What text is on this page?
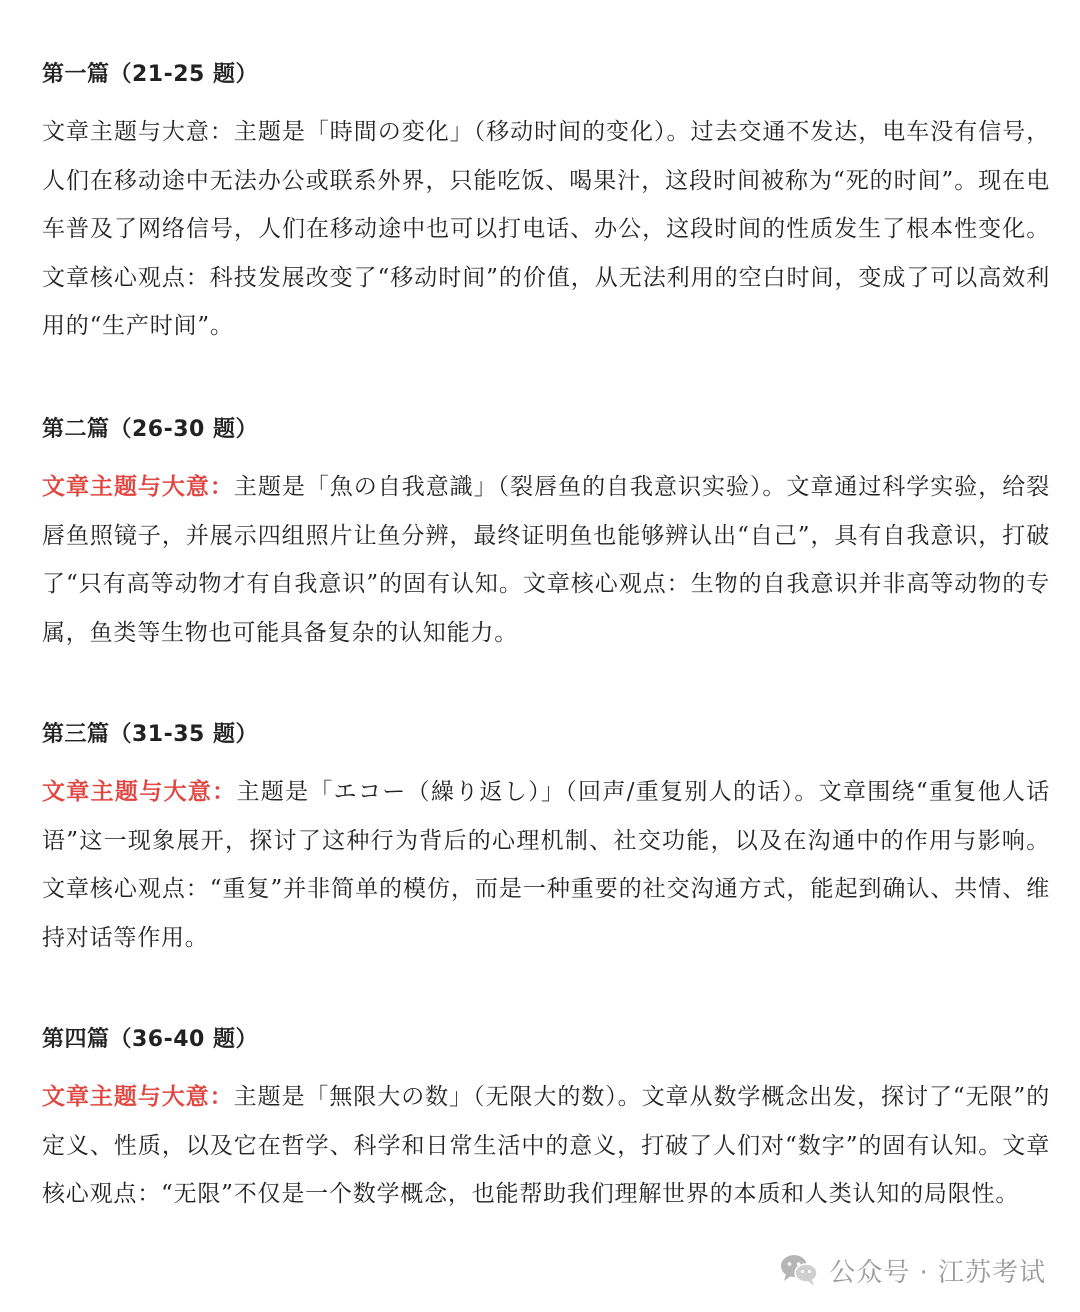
第一篇（21-25 题）

文章主题与大意：主题是「時間の変化」（移动时间的变化）。过去交通不发达，电车没有信号，人们在移动途中无法办公或联系外界，只能吃饭、喝果汁，这段时间被称为“死的时间”。现在电车普及了网络信号，人们在移动途中也可以打电话、办公，这段时间的性质发生了根本性变化。文章核心观点：科技发展改变了“移动时间”的价值，从无法利用的空白时间，变成了可以高效利用的“生产时间”。

第二篇（26-30 题）

文章主题与大意：主题是「魚の自我意識」（裂唇鱼的自我意识实验）。文章通过科学实验，给裂唇鱼照镜子，并展示四组照片让鱼分辨，最终证明鱼也能够辨认出“自己”，具有自我意识，打破了“只有高等动物才有自我意识”的固有认知。文章核心观点：生物的自我意识并非高等动物的专属，鱼类等生物也可能具备复杂的认知能力。

第三篇（31-35 题）

文章主题与大意：主题是「エコー（繰り返し）」（回声/重复别人的话）。文章围绕“重复他人话语”这一现象展开，探讨了这种行为背后的心理机制、社交功能，以及在沟通中的作用与影响。文章核心观点：“重复”并非简单的模仿，而是一种重要的社交沟通方式，能起到确认、共情、维持对话等作用。

第四篇（36-40 题）

文章主题与大意：主题是「無限大の数」（无限大的数）。文章从数学概念出发，探讨了“无限”的定义、性质，以及它在哲学、科学和日常生活中的意义，打破了人们对“数字”的固有认知。文章核心观点：“无限”不仅是一个数学概念，也能帮助我们理解世界的本质和人类认知的局限性。

公众号 · 江苏考试
